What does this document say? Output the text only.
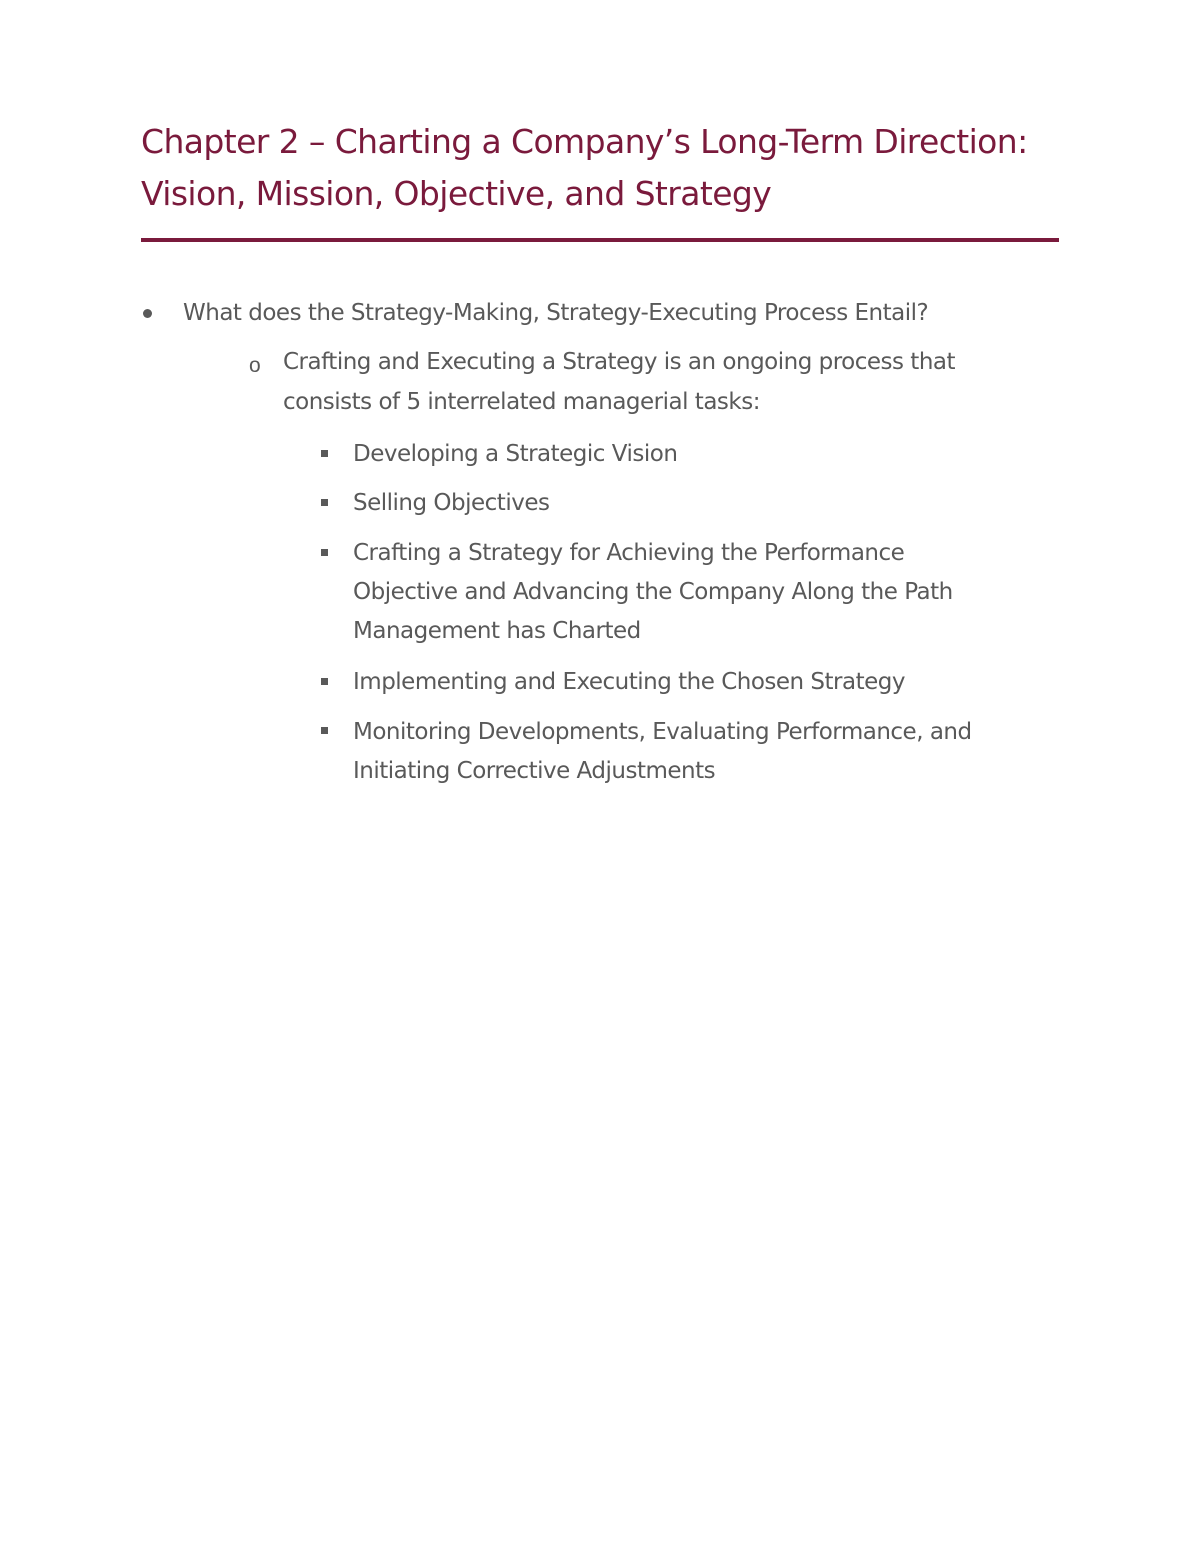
Chapter 2 – Charting a Company’s Long-Term Direction:
Vision, Mission, Objective, and Strategy
What does the Strategy-Making, Strategy-Executing Process Entail?
o Crafting and Executing a Strategy is an ongoing process that
consists of 5 interrelated managerial tasks:
Developing a Strategic Vision
Selling Objectives
Crafting a Strategy for Achieving the Performance
Objective and Advancing the Company Along the Path
Management has Charted
Implementing and Executing the Chosen Strategy
Monitoring Developments, Evaluating Performance, and
Initiating Corrective Adjustments
